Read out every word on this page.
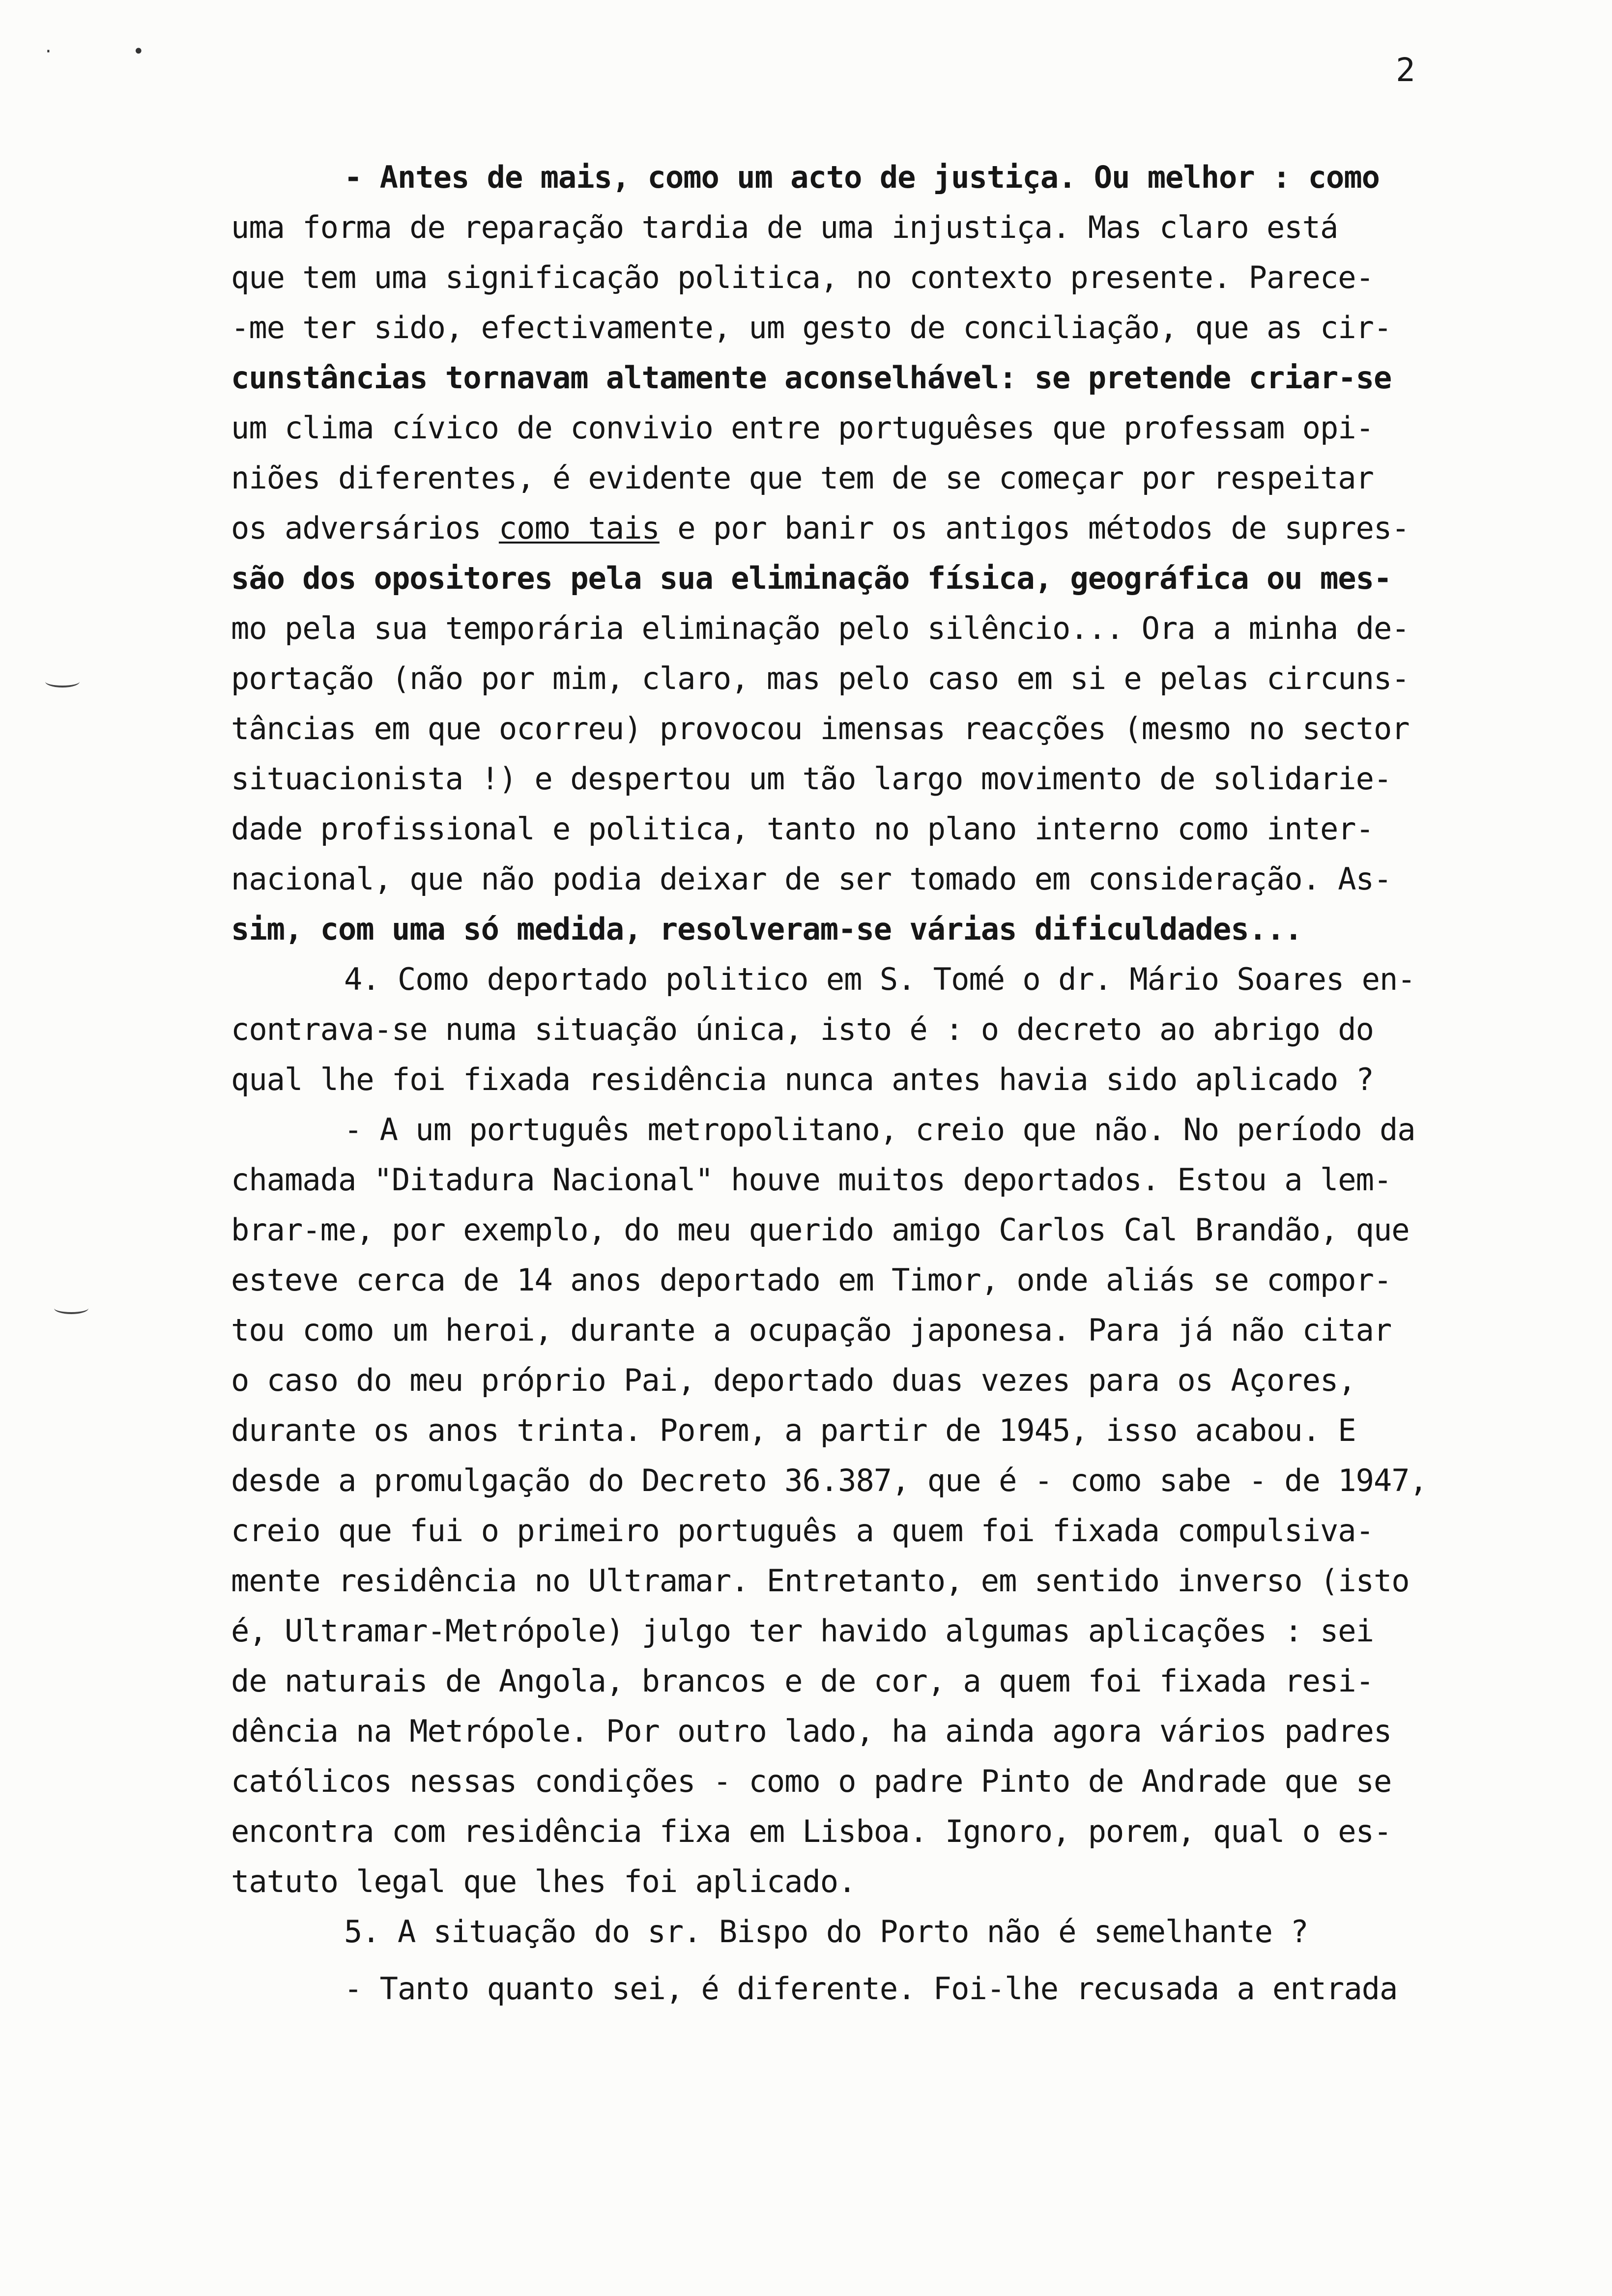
·	•	2
- Antes de mais, como um acto de justiça. Ou melhor : como
uma forma de reparação tardia de uma injustiça. Mas claro está
que tem uma significação politica, no contexto presente. Parece-
-me ter sido, efectivamente, um gesto de conciliação, que as cir-
cunstâncias tornavam altamente aconselhável: se pretende criar-se
um clima cívico de convivio entre portuguêses que professam opi-
niões diferentes, é evidente que tem de se começar por respeitar
os adversários como tais e por banir os antigos métodos de supres-
são dos opositores pela sua eliminação física, geográfica ou mes-
mo pela sua temporária eliminação pelo silêncio... Ora a minha de-
portação (não por mim, claro, mas pelo caso em si e pelas circuns-
tâncias em que ocorreu) provocou imensas reacções (mesmo no sector
situacionista !) e despertou um tão largo movimento de solidarie-
dade profissional e politica, tanto no plano interno como inter-
nacional, que não podia deixar de ser tomado em consideração. As-
sim, com uma só medida, resolveram-se várias dificuldades...
4. Como deportado politico em S. Tomé o dr. Mário Soares en-
contrava-se numa situação única, isto é : o decreto ao abrigo do
qual lhe foi fixada residência nunca antes havia sido aplicado ?
- A um português metropolitano, creio que não. No período da
chamada "Ditadura Nacional" houve muitos deportados. Estou a lem-
brar-me, por exemplo, do meu querido amigo Carlos Cal Brandão, que
esteve cerca de 14 anos deportado em Timor, onde aliás se compor-
tou como um heroi, durante a ocupação japonesa. Para já não citar
o caso do meu próprio Pai, deportado duas vezes para os Açores,
durante os anos trinta. Porem, a partir de 1945, isso acabou. E
desde a promulgação do Decreto 36.387, que é - como sabe - de 1947,
creio que fui o primeiro português a quem foi fixada compulsiva-
mente residência no Ultramar. Entretanto, em sentido inverso (isto
é, Ultramar-Metrópole) julgo ter havido algumas aplicações : sei
de naturais de Angola, brancos e de cor, a quem foi fixada resi-
dência na Metrópole. Por outro lado, ha ainda agora vários padres
católicos nessas condições - como o padre Pinto de Andrade que se
encontra com residência fixa em Lisboa. Ignoro, porem, qual o es-
tatuto legal que lhes foi aplicado.
5. A situação do sr. Bispo do Porto não é semelhante ?
- Tanto quanto sei, é diferente. Foi-lhe recusada a entrada
